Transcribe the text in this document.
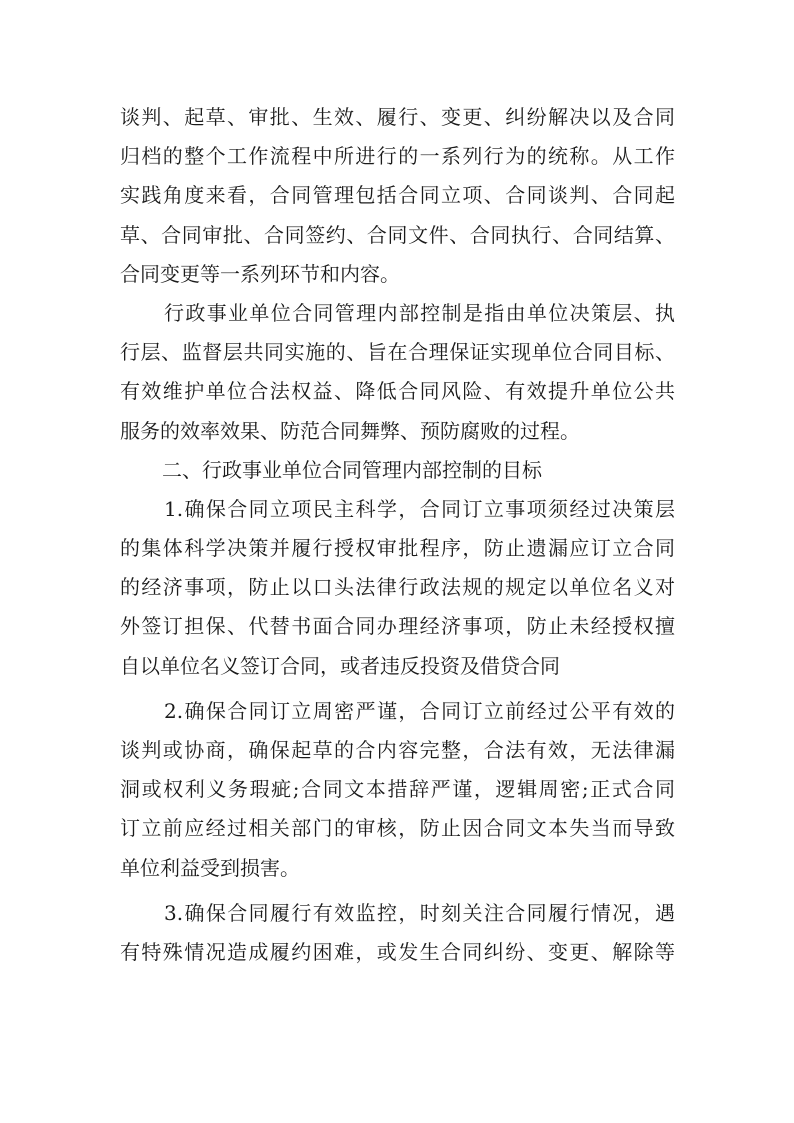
谈判、起草、审批、生效、履行、变更、纠纷解决以及合同
归档的整个工作流程中所进行的一系列行为的统称。从工作
实践角度来看，合同管理包括合同立项、合同谈判、合同起
草、合同审批、合同签约、合同文件、合同执行、合同结算、
合同变更等一系列环节和内容。
行政事业单位合同管理内部控制是指由单位决策层、执
行层、监督层共同实施的、旨在合理保证实现单位合同目标、
有效维护单位合法权益、降低合同风险、有效提升单位公共
服务的效率效果、防范合同舞弊、预防腐败的过程。
二、行政事业单位合同管理内部控制的目标
1.确保合同立项民主科学，合同订立事项须经过决策层
的集体科学决策并履行授权审批程序，防止遗漏应订立合同
的经济事项，防止以口头法律行政法规的规定以单位名义对
外签订担保、代替书面合同办理经济事项，防止未经授权擅
自以单位名义签订合同，或者违反投资及借贷合同
2.确保合同订立周密严谨，合同订立前经过公平有效的
谈判或协商，确保起草的合内容完整，合法有效，无法律漏
洞或权利义务瑕疵;合同文本措辞严谨，逻辑周密;正式合同
订立前应经过相关部门的审核，防止因合同文本失当而导致
单位利益受到损害。
3.确保合同履行有效监控，时刻关注合同履行情况，遇
有特殊情况造成履约困难，或发生合同纠纷、变更、解除等
